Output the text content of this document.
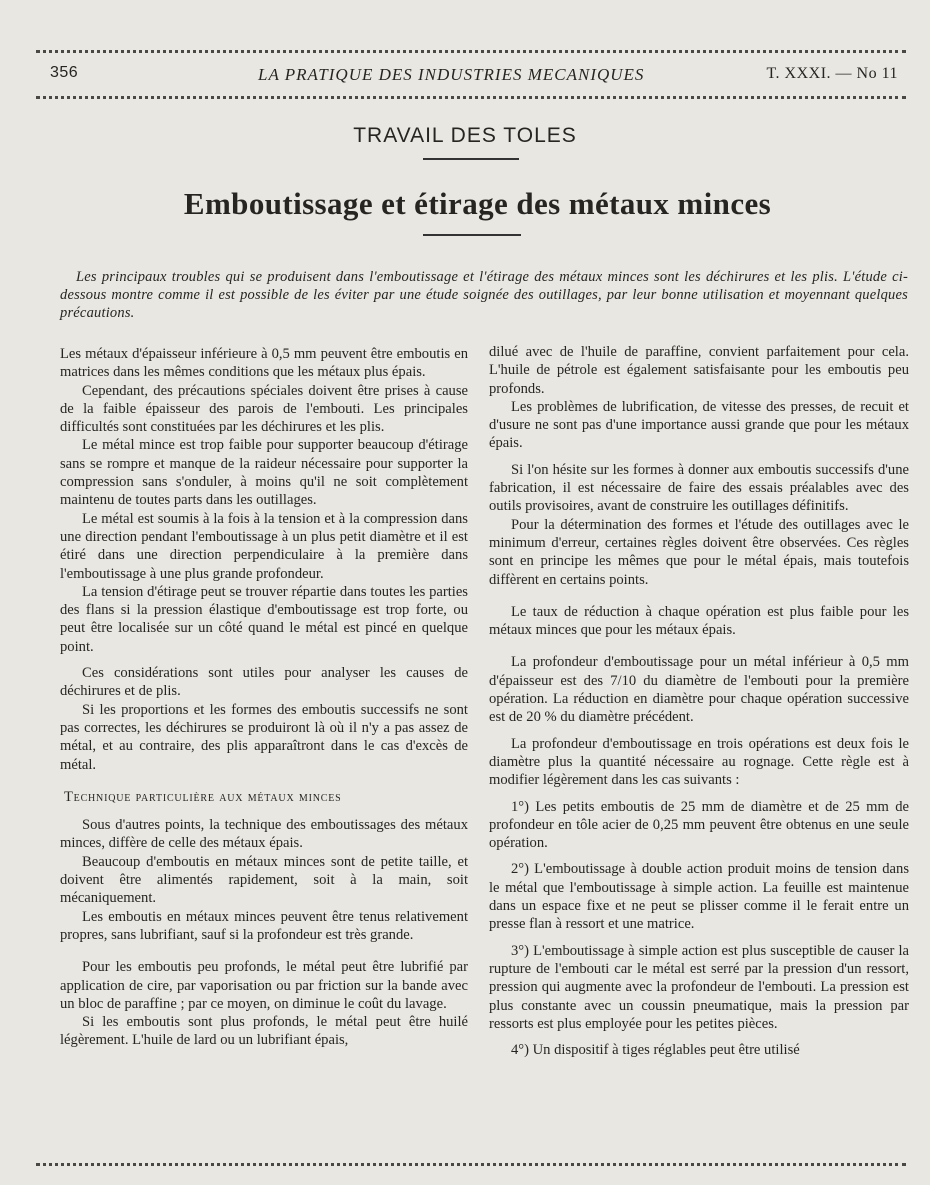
356	LA PRATIQUE DES INDUSTRIES MECANIQUES	T. XXXI. — No 11
TRAVAIL DES TOLES
Emboutissage et étirage des métaux minces
Les principaux troubles qui se produisent dans l'emboutissage et l'étirage des métaux minces sont les déchirures et les plis. L'étude ci-dessous montre comme il est possible de les éviter par une étude soignée des outillages, par leur bonne utilisation et moyennant quelques précautions.

Les métaux d'épaisseur inférieure à 0,5 mm peuvent être emboutis en matrices dans les mêmes conditions que les métaux plus épais.

Cependant, des précautions spéciales doivent être prises à cause de la faible épaisseur des parois de l'embouti. Les principales difficultés sont constituées par les déchirures et les plis.

Le métal mince est trop faible pour supporter beaucoup d'étirage sans se rompre et manque de la raideur nécessaire pour supporter la compression sans s'onduler, à moins qu'il ne soit complètement maintenu de toutes parts dans les outillages.

Le métal est soumis à la fois à la tension et à la compression dans une direction pendant l'emboutissage à un plus petit diamètre et il est étiré dans une direction perpendiculaire à la première dans l'emboutissage à une plus grande profondeur.

La tension d'étirage peut se trouver répartie dans toutes les parties des flans si la pression élastique d'emboutissage est trop forte, ou peut être localisée sur un côté quand le métal est pincé en quelque point.

Ces considérations sont utiles pour analyser les causes de déchirures et de plis.

Si les proportions et les formes des emboutis successifs ne sont pas correctes, les déchirures se produiront là où il n'y a pas assez de métal, et au contraire, des plis apparaîtront dans le cas d'excès de métal.

Technique particulière aux métaux minces

Sous d'autres points, la technique des emboutissages des métaux minces, diffère de celle des métaux épais.

Beaucoup d'emboutis en métaux minces sont de petite taille, et doivent être alimentés rapidement, soit à la main, soit mécaniquement.

Les emboutis en métaux minces peuvent être tenus relativement propres, sans lubrifiant, sauf si la profondeur est très grande.

Pour les emboutis peu profonds, le métal peut être lubrifié par application de cire, par vaporisation ou par friction sur la bande avec un bloc de paraffine ; par ce moyen, on diminue le coût du lavage.

Si les emboutis sont plus profonds, le métal peut être huilé légèrement. L'huile de lard ou un lubrifiant épais,

dilué avec de l'huile de paraffine, convient parfaitement pour cela. L'huile de pétrole est également satisfaisante pour les emboutis peu profonds.

Les problèmes de lubrification, de vitesse des presses, de recuit et d'usure ne sont pas d'une importance aussi grande que pour les métaux épais.

Si l'on hésite sur les formes à donner aux emboutis successifs d'une fabrication, il est nécessaire de faire des essais préalables avec des outils provisoires, avant de construire les outillages définitifs.

Pour la détermination des formes et l'étude des outillages avec le minimum d'erreur, certaines règles doivent être observées. Ces règles sont en principe les mêmes que pour le métal épais, mais toutefois diffèrent en certains points.

Le taux de réduction à chaque opération est plus faible pour les métaux minces que pour les métaux épais.

La profondeur d'emboutissage pour un métal inférieur à 0,5 mm d'épaisseur est des 7/10 du diamètre de l'embouti pour la première opération. La réduction en diamètre pour chaque opération successive est de 20 % du diamètre précédent.

La profondeur d'emboutissage en trois opérations est deux fois le diamètre plus la quantité nécessaire au rognage. Cette règle est à modifier légèrement dans les cas suivants :

1°) Les petits emboutis de 25 mm de diamètre et de 25 mm de profondeur en tôle acier de 0,25 mm peuvent être obtenus en une seule opération.

2°) L'emboutissage à double action produit moins de tension dans le métal que l'emboutissage à simple action. La feuille est maintenue dans un espace fixe et ne peut se plisser comme il le ferait entre un presse flan à ressort et une matrice.

3°) L'emboutissage à simple action est plus susceptible de causer la rupture de l'embouti car le métal est serré par la pression d'un ressort, pression qui augmente avec la profondeur de l'embouti. La pression est plus constante avec un coussin pneumatique, mais la pression par ressorts est plus employée pour les petites pièces.

4°) Un dispositif à tiges réglables peut être utilisé
